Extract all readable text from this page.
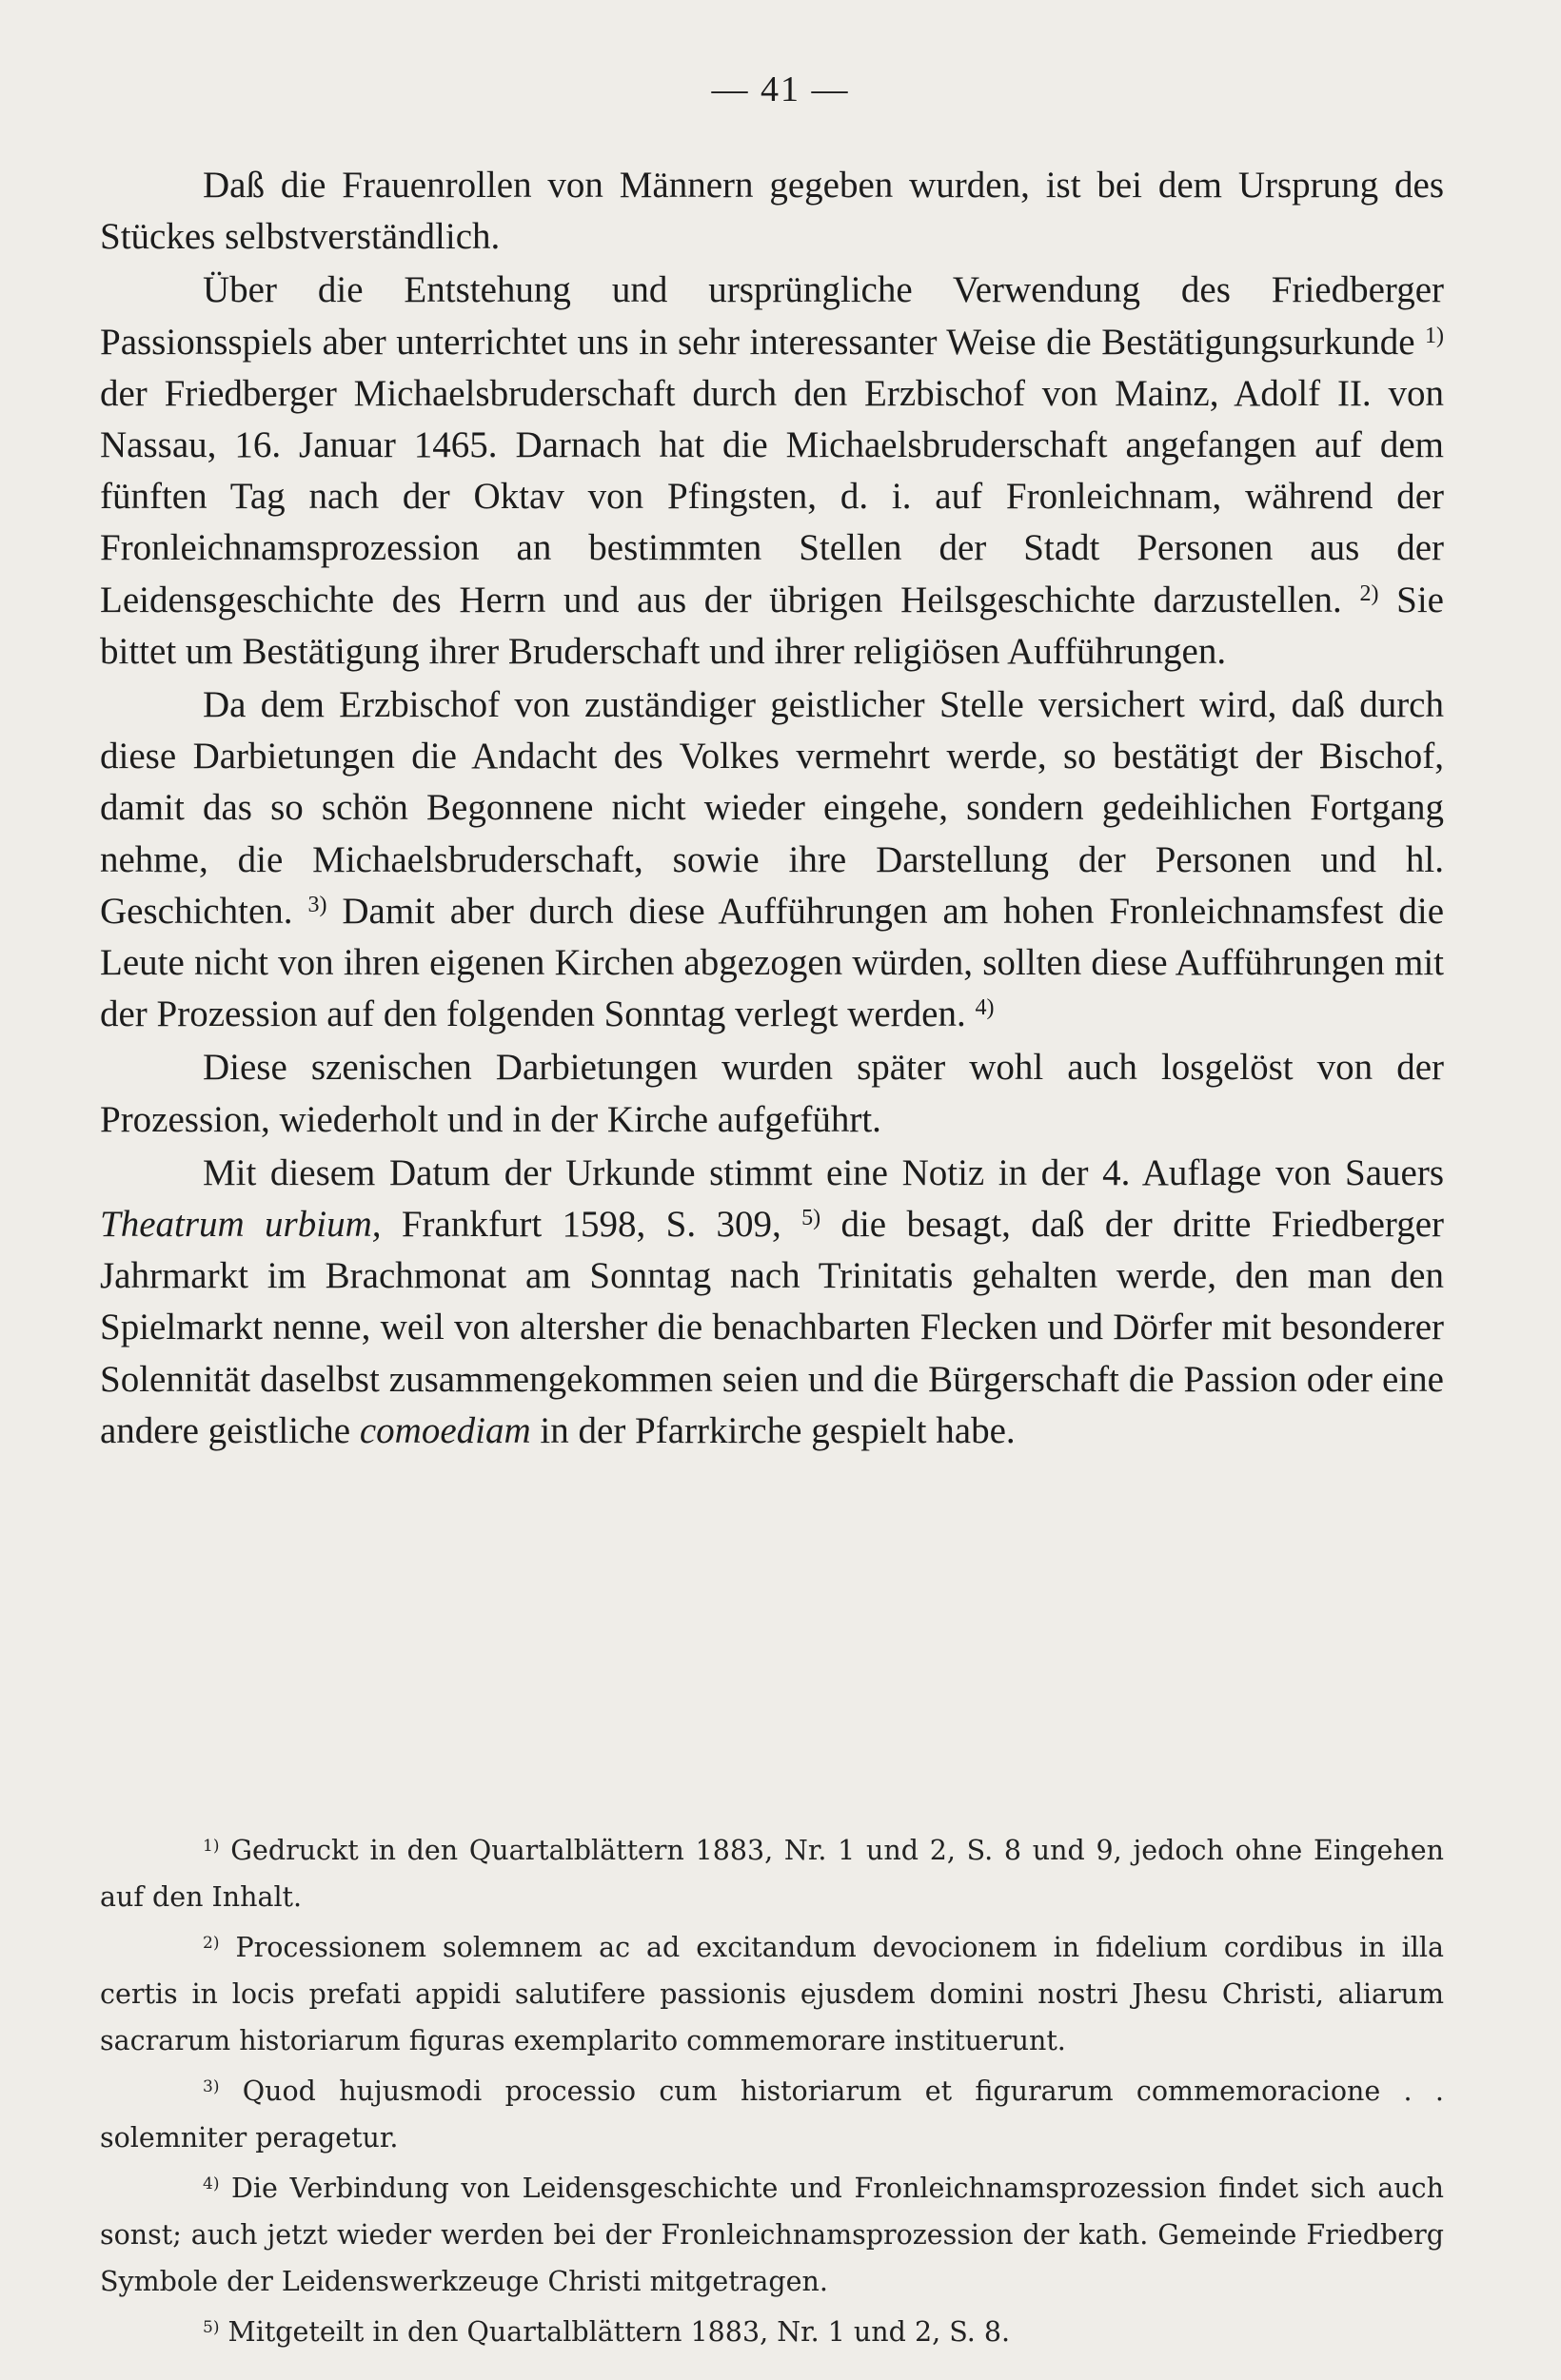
— 41 —

Daß die Frauenrollen von Männern gegeben wurden, ist bei dem Ursprung des Stückes selbstverständlich.

Über die Entstehung und ursprüngliche Verwendung des Friedberger Passionsspiels aber unterrichtet uns in sehr interessanter Weise die Bestätigungsurkunde $^{1)}$ der Friedberger Michaelsbruderschaft durch den Erzbischof von Mainz, Adolf II. von Nassau, 16. Januar 1465. Darnach hat die Michaelsbruderschaft angefangen auf dem fünften Tag nach der Oktav von Pfingsten, d. i. auf Fronleichnam, während der Fronleichnamsprozession an bestimmten Stellen der Stadt Personen aus der Leidensgeschichte des Herrn und aus der übrigen Heilsgeschichte darzustellen. $^{2)}$ Sie bittet um Bestätigung ihrer Bruderschaft und ihrer religiösen Aufführungen.

Da dem Erzbischof von zuständiger geistlicher Stelle versichert wird, daß durch diese Darbietungen die Andacht des Volkes vermehrt werde, so bestätigt der Bischof, damit das so schön Begonnene nicht wieder eingehe, sondern gedeihlichen Fortgang nehme, die Michaelsbruderschaft, sowie ihre Darstellung der Personen und hl. Geschichten. $^{3)}$ Damit aber durch diese Aufführungen am hohen Fronleichnamsfest die Leute nicht von ihren eigenen Kirchen abgezogen würden, sollten diese Aufführungen mit der Prozession auf den folgenden Sonntag verlegt werden. $^{4)}$

Diese szenischen Darbietungen wurden später wohl auch losgelöst von der Prozession, wiederholt und in der Kirche aufgeführt.

Mit diesem Datum der Urkunde stimmt eine Notiz in der 4. Auflage von Sauers Theatrum urbium, Frankfurt 1598, S. 309, $^{5)}$ die besagt, daß der dritte Friedberger Jahrmarkt im Brachmonat am Sonntag nach Trinitatis gehalten werde, den man den Spielmarkt nenne, weil von altersher die benachbarten Flecken und Dörfer mit besonderer Solennität daselbst zusammengekommen seien und die Bürgerschaft die Passion oder eine andere geistliche comoediam in der Pfarrkirche gespielt habe.

$^{1)}$ Gedruckt in den Quartalblättern 1883, Nr. 1 und 2, S. 8 und 9, jedoch ohne Eingehen auf den Inhalt.

$^{2)}$ Processionem solemnem ac ad excitandum devocionem in fidelium cordibus in illa certis in locis prefati appidi salutifere passionis ejusdem domini nostri Jhesu Christi, aliarum sacrarum historiarum figuras exemplarito commemorare instituerunt.

$^{3)}$ Quod hujusmodi processio cum historiarum et figurarum commemoracione . . solemniter peragetur.

$^{4)}$ Die Verbindung von Leidensgeschichte und Fronleichnamsprozession findet sich auch sonst; auch jetzt wieder werden bei der Fronleichnamsprozession der kath. Gemeinde Friedberg Symbole der Leidenswerkzeuge Christi mitgetragen.

$^{5)}$ Mitgeteilt in den Quartalblättern 1883, Nr. 1 und 2, S. 8.
